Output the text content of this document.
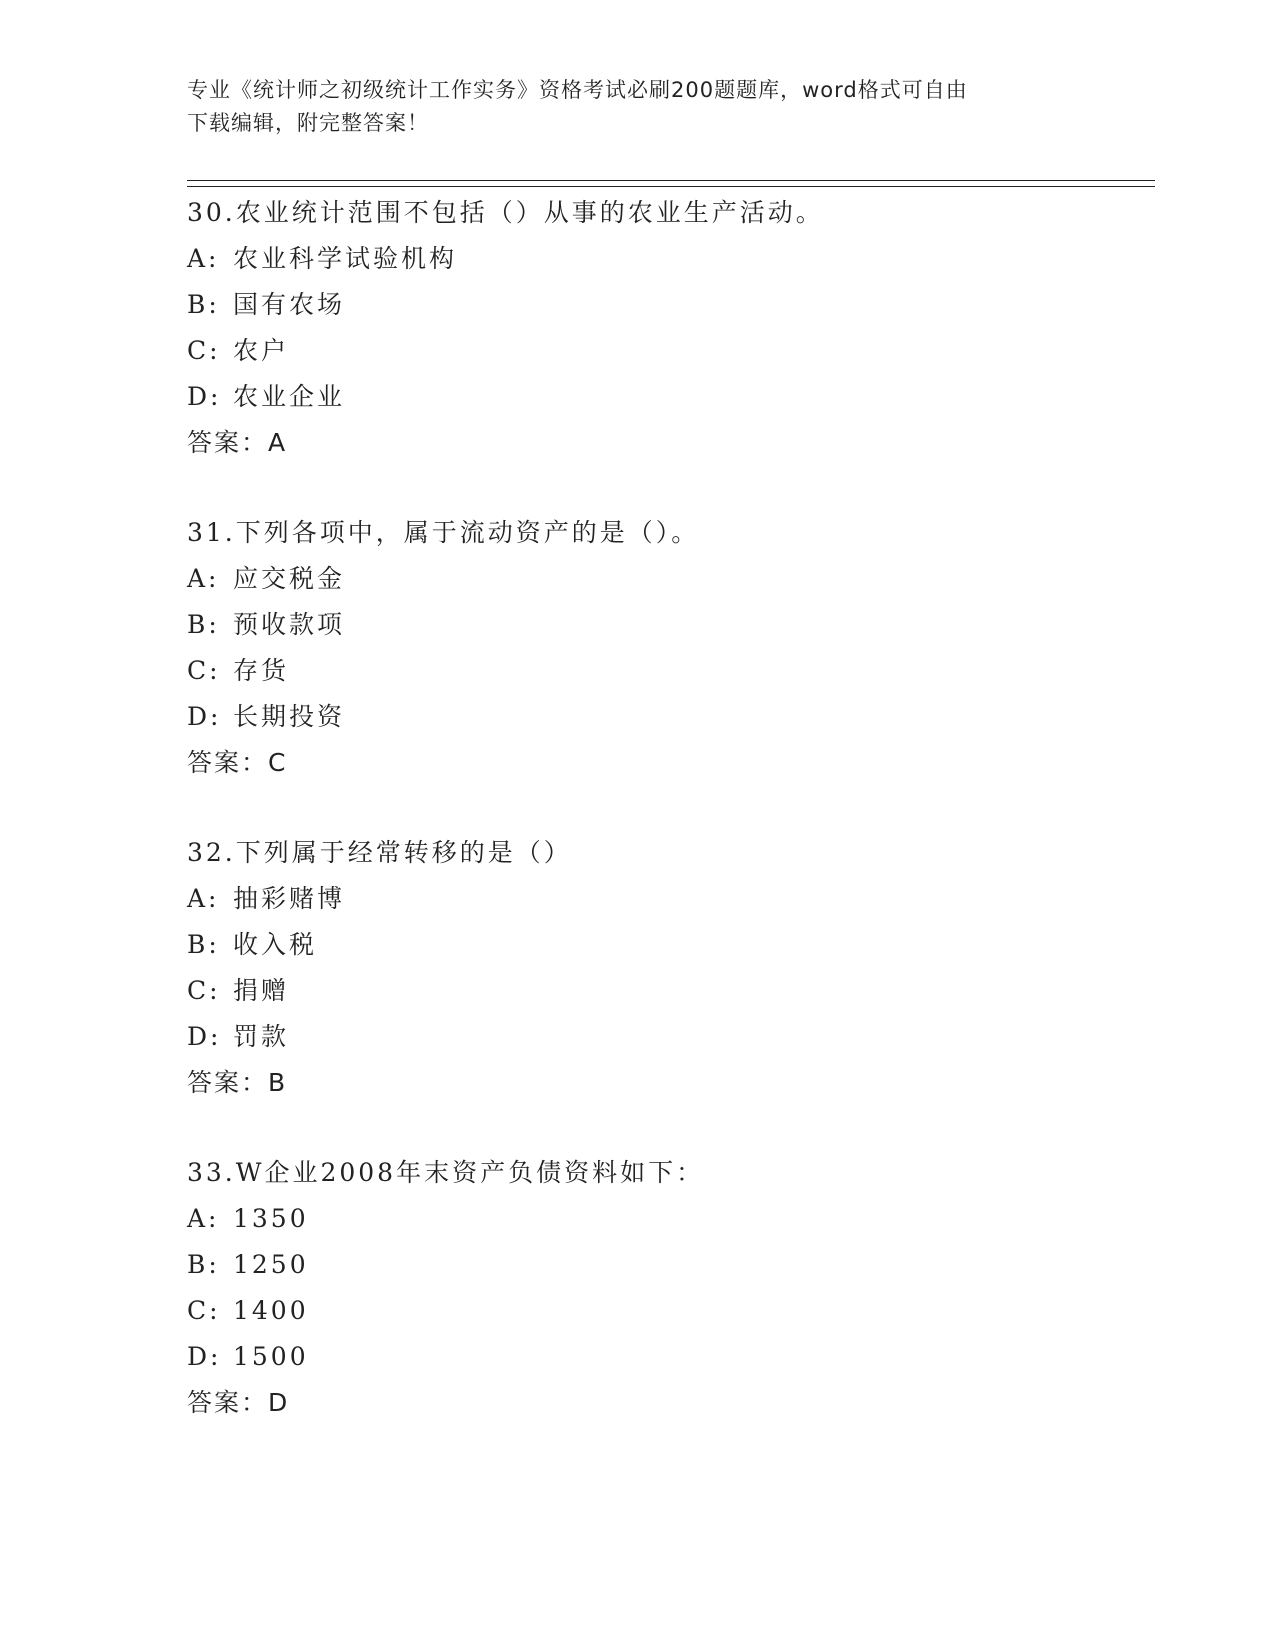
专业《统计师之初级统计工作实务》资格考试必刷200题题库，word格式可自由
下载编辑，附完整答案！
30.农业统计范围不包括（）从事的农业生产活动。
A: 农业科学试验机构
B: 国有农场
C: 农户
D: 农业企业
答案：A
31.下列各项中，属于流动资产的是（）。
A: 应交税金
B: 预收款项
C: 存货
D: 长期投资
答案：C
32.下列属于经常转移的是（）
A: 抽彩赌博
B: 收入税
C: 捐赠
D: 罚款
答案：B
33.W企业2008年末资产负债资料如下：
A: 1350
B: 1250
C: 1400
D: 1500
答案：D
